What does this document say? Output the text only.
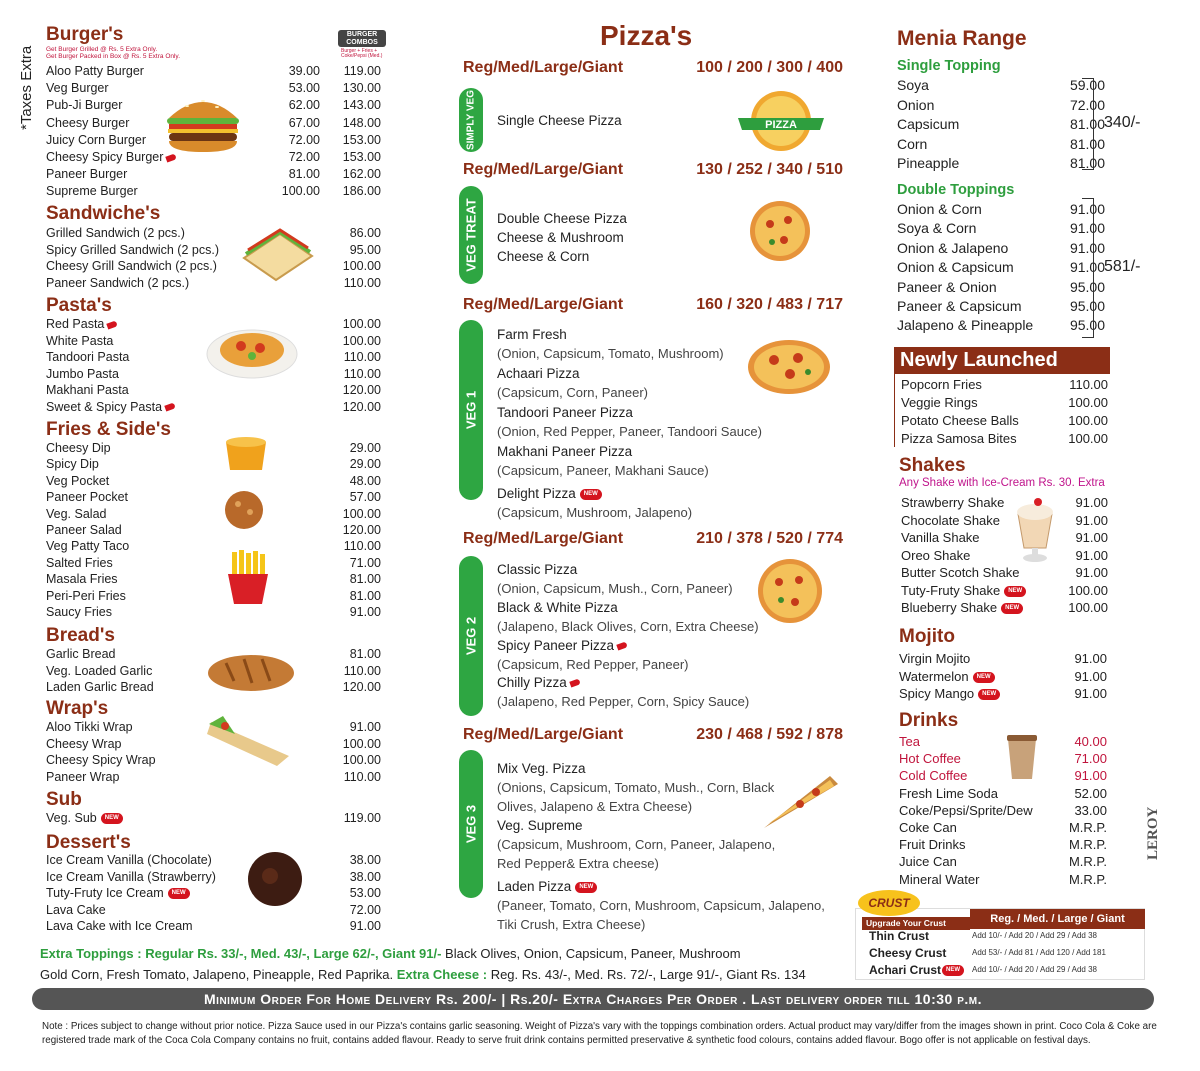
*Taxes Extra
Burger's
Get Burger Grilled @ Rs. 5 Extra Only.
Get Burger Packed in Box @ Rs. 5 Extra Only.
BURGER COMBOS
Burger + Fries + Coke/Pepsi (Med.)
Aloo Patty Burger	39.00	119.00
Veg Burger	53.00	130.00
Pub-Ji Burger	62.00	143.00
Cheesy Burger	67.00	148.00
Juicy Corn Burger	72.00	153.00
Cheesy Spicy Burger	72.00	153.00
Paneer Burger	81.00	162.00
Supreme Burger	100.00	186.00
Sandwiche's
Grilled Sandwich (2 pcs.)	86.00
Spicy Grilled Sandwich (2 pcs.)	95.00
Cheesy Grill Sandwich (2 pcs.)	100.00
Paneer Sandwich (2 pcs.)	110.00
Pasta's
Red Pasta	100.00
White Pasta	100.00
Tandoori Pasta	110.00
Jumbo Pasta	110.00
Makhani Pasta	120.00
Sweet & Spicy Pasta	120.00
Fries & Side's
Cheesy Dip	29.00
Spicy Dip	29.00
Veg Pocket	48.00
Paneer Pocket	57.00
Veg. Salad	100.00
Paneer Salad	120.00
Veg Patty Taco	110.00
Salted Fries	71.00
Masala Fries	81.00
Peri-Peri Fries	81.00
Saucy Fries	91.00
Bread's
Garlic Bread	81.00
Veg. Loaded Garlic	110.00
Laden Garlic Bread	120.00
Wrap's
Aloo Tikki Wrap	91.00
Cheesy Wrap	100.00
Cheesy Spicy Wrap	100.00
Paneer Wrap	110.00
Sub
Veg. Sub NEW	119.00
Dessert's
Ice Cream Vanilla (Chocolate)	38.00
Ice Cream Vanilla (Strawberry)	38.00
Tuty-Fruty Ice Cream NEW	53.00
Lava Cake	72.00
Lava Cake with Ice Cream	91.00
Pizza's
Reg/Med/Large/Giant	100 / 200 / 300 / 400
SIMPLY VEG Single Cheese Pizza
Reg/Med/Large/Giant	130 / 252 / 340 / 510
VEG TREAT Double Cheese Pizza
Cheese & Mushroom
Cheese & Corn
Reg/Med/Large/Giant	160 / 320 / 483 / 717
VEG 1
Farm Fresh
(Onion, Capsicum, Tomato, Mushroom)
Achaari Pizza
(Capsicum, Corn, Paneer)
Tandoori Paneer Pizza
(Onion, Red Pepper, Paneer, Tandoori Sauce)
Makhani Paneer Pizza
(Capsicum, Paneer, Makhani Sauce)
Delight Pizza NEW
(Capsicum, Mushroom, Jalapeno)
Reg/Med/Large/Giant	210 / 378 / 520 / 774
VEG 2
Classic Pizza
(Onion, Capsicum, Mush., Corn, Paneer)
Black & White Pizza
(Jalapeno, Black Olives, Corn, Extra Cheese)
Spicy Paneer Pizza
(Capsicum, Red Pepper, Paneer)
Chilly Pizza
(Jalapeno, Red Pepper, Corn, Spicy Sauce)
Reg/Med/Large/Giant	230 / 468 / 592 / 878
VEG 3
Mix Veg. Pizza
(Onions, Capsicum, Tomato, Mush., Corn, Black
Olives, Jalapeno & Extra Cheese)
Veg. Supreme
(Capsicum, Mushroom, Corn, Paneer, Jalapeno,
Red Pepper& Extra cheese)
Laden Pizza NEW
(Paneer, Tomato, Corn, Mushroom, Capsicum, Jalapeno,
Tiki Crush, Extra Cheese)
PIZZA
Menia Range
Single Topping
Soya	59.00
Onion	72.00
Capsicum	81.00
Corn	81.00
Pineapple	81.00
340/-
Double Toppings
Onion & Corn	91.00
Soya & Corn	91.00
Onion & Jalapeno	91.00
Onion & Capsicum	91.00
Paneer & Onion	95.00
Paneer & Capsicum	95.00
Jalapeno & Pineapple	95.00
581/-
Newly Launched
Popcorn Fries	110.00
Veggie Rings	100.00
Potato Cheese Balls	100.00
Pizza Samosa Bites	100.00
Shakes
Any Shake with Ice-Cream Rs. 30. Extra
Strawberry Shake	91.00
Chocolate Shake	91.00
Vanilla Shake	91.00
Oreo Shake	91.00
Butter Scotch Shake	91.00
Tuty-Fruty Shake NEW	100.00
Blueberry Shake NEW	100.00
Mojito
Virgin Mojito	91.00
Watermelon NEW	91.00
Spicy Mango NEW	91.00
Drinks
Tea	40.00
Hot Coffee	71.00
Cold Coffee	91.00
Fresh Lime Soda	52.00
Coke/Pepsi/Sprite/Dew	33.00
Coke Can	M.R.P.
Fruit Drinks	M.R.P.
Juice Can	M.R.P.
Mineral Water	M.R.P.
LEROY
CRUST
Upgrade Your Crust	Reg. / Med. / Large / Giant
Thin Crust	Add 10/- / Add 20 / Add 29 / Add 38
Cheesy Crust	Add 53/- / Add 81 / Add 120 / Add 181
Achari Crust NEW	Add 10/- / Add 20 / Add 29 / Add 38
Extra Toppings : Regular Rs. 33/-, Med. 43/-, Large 62/-, Giant 91/- Black Olives, Onion, Capsicum, Paneer, Mushroom
Gold Corn, Fresh Tomato, Jalapeno, Pineapple, Red Paprika. Extra Cheese : Reg. Rs. 43/-, Med. Rs. 72/-, Large 91/-, Giant Rs. 134
Minimum Order For Home Delivery Rs. 200/- | Rs.20/- Extra Charges Per Order . Last delivery order till 10:30 p.m.
Note : Prices subject to change without prior notice. Pizza Sauce used in our Pizza's contains garlic seasoning. Weight of Pizza's vary with the toppings combination orders. Actual product may vary/differ from the images shown in print. Coco Cola & Coke are registered trade mark of the Coca Cola Company contains no fruit, contains added flavour. Ready to serve fruit drink contains permitted preservative & synthetic food colours, contains added flavour. Bogo offer is not applicable on festival days.
